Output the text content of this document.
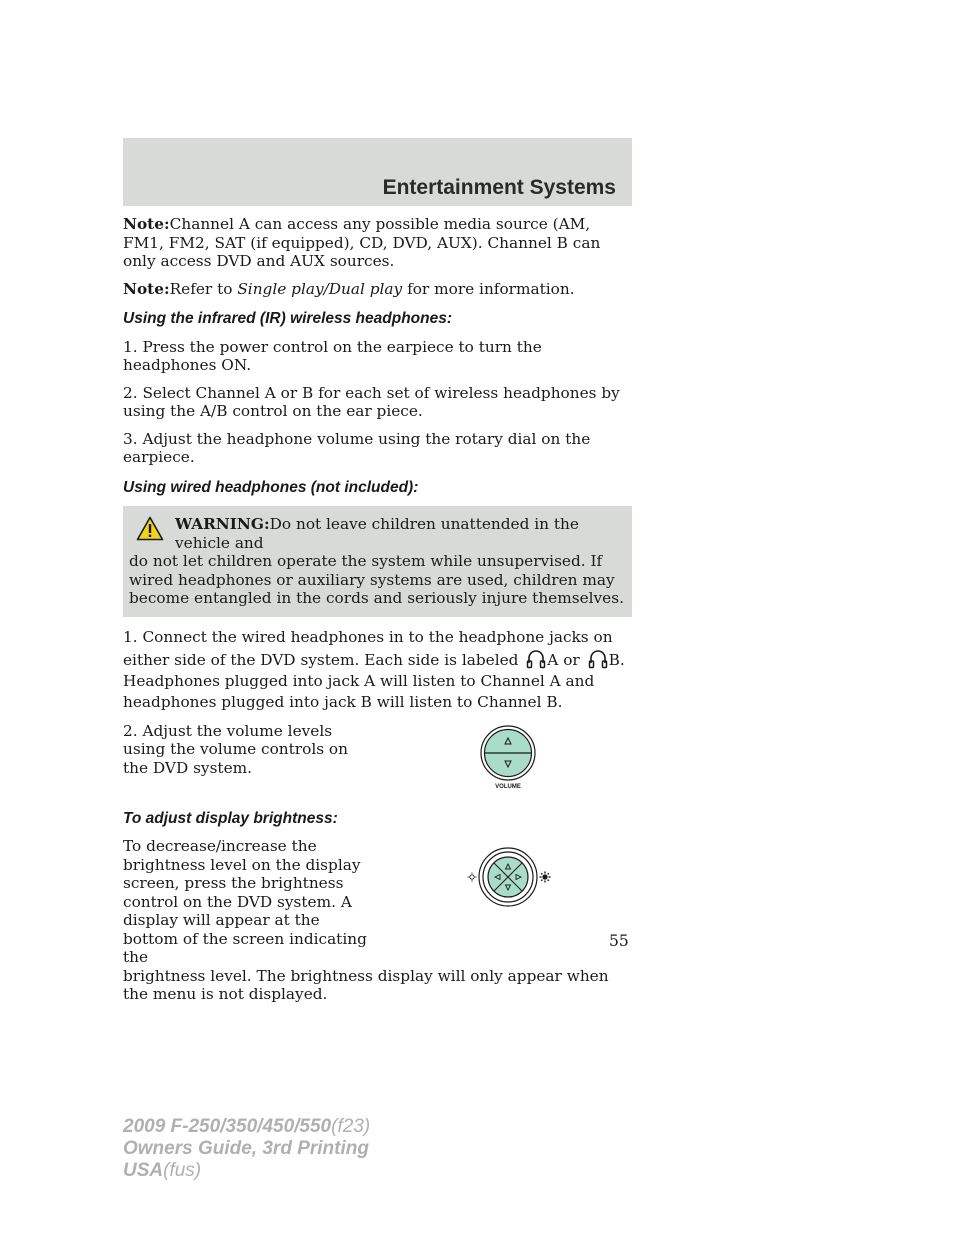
Entertainment Systems

Note:Channel A can access any possible media source (AM, FM1, FM2, SAT (if equipped), CD, DVD, AUX). Channel B can only access DVD and AUX sources.

Note:Refer to Single play/Dual play for more information.

Using the infrared (IR) wireless headphones:

1. Press the power control on the earpiece to turn the headphones ON.

2. Select Channel A or B for each set of wireless headphones by using the A/B control on the ear piece.

3. Adjust the headphone volume using the rotary dial on the earpiece.

Using wired headphones (not included):
WARNING:Do not leave children unattended in the vehicle and
do not let children operate the system while unsupervised. If wired headphones or auxiliary systems are used, children may become entangled in the cords and seriously injure themselves.

1. Connect the wired headphones in to the headphone jacks on either side of the DVD system. Each side is labeled A or B. Headphones plugged into jack A will listen to Channel A and headphones plugged into jack B will listen to Channel B.

2. Adjust the volume levels using the volume controls on the DVD system.
VOLUME
To adjust display brightness:
To decrease/increase the brightness level on the display screen, press the brightness control on the DVD system. A display will appear at the bottom of the screen indicating the

brightness level. The brightness display will only appear when the menu is not displayed.

55
2009 F-250/350/450/550(f23)
Owners Guide, 3rd Printing
USA(fus)
